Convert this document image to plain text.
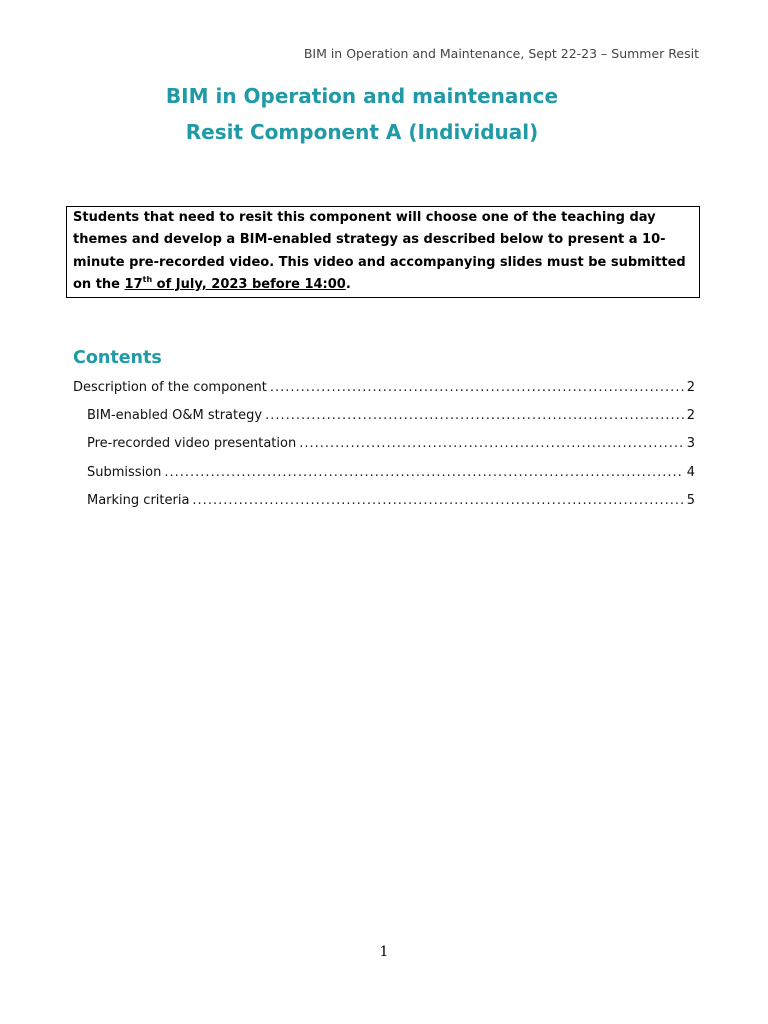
BIM in Operation and Maintenance, Sept 22-23 – Summer Resit
BIM in Operation and maintenance
Resit Component A (Individual)
Students that need to resit this component will choose one of the teaching day themes and develop a BIM-enabled strategy as described below to present a 10-minute pre-recorded video. This video and accompanying slides must be submitted on the 17th of July, 2023 before 14:00.
Contents
Description of the component .....	2
BIM-enabled O&M strategy .....	2
Pre-recorded video presentation .....	3
Submission .....	4
Marking criteria .....	5
1
